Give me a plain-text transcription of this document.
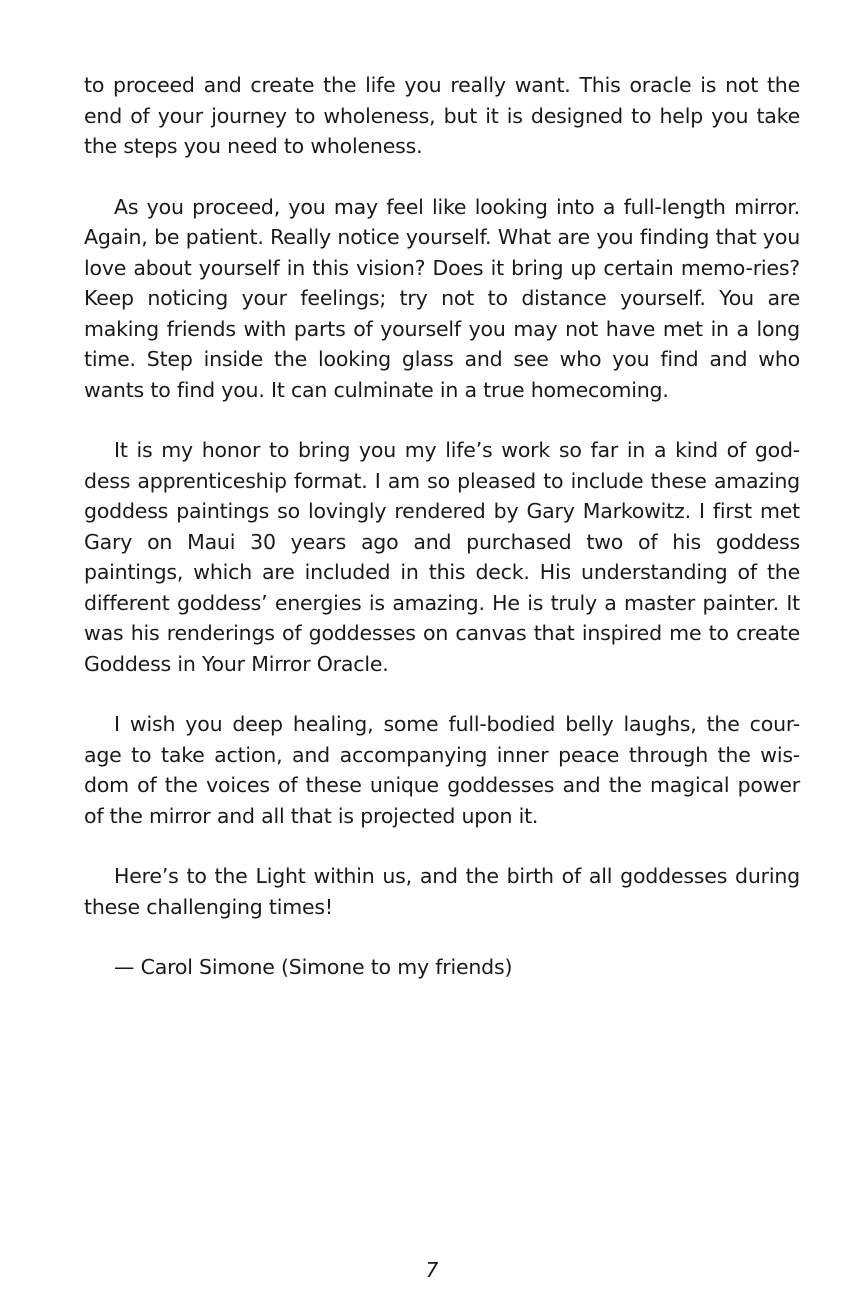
to proceed and create the life you really want. This oracle is not the end of your journey to wholeness, but it is designed to help you take the steps you need to wholeness.

As you proceed, you may feel like looking into a full-length mirror. Again, be patient. Really notice yourself. What are you finding that you love about yourself in this vision? Does it bring up certain memo-ries? Keep noticing your feelings; try not to distance yourself. You are making friends with parts of yourself you may not have met in a long time. Step inside the looking glass and see who you find and who wants to find you. It can culminate in a true homecoming.

It is my honor to bring you my life’s work so far in a kind of god-dess apprenticeship format. I am so pleased to include these amazing goddess paintings so lovingly rendered by Gary Markowitz. I first met Gary on Maui 30 years ago and purchased two of his goddess paintings, which are included in this deck. His understanding of the different goddess’ energies is amazing. He is truly a master painter. It was his renderings of goddesses on canvas that inspired me to create Goddess in Your Mirror Oracle.

I wish you deep healing, some full-bodied belly laughs, the cour-age to take action, and accompanying inner peace through the wis-dom of the voices of these unique goddesses and the magical power of the mirror and all that is projected upon it.

Here’s to the Light within us, and the birth of all goddesses during these challenging times!

— Carol Simone (Simone to my friends)

7
